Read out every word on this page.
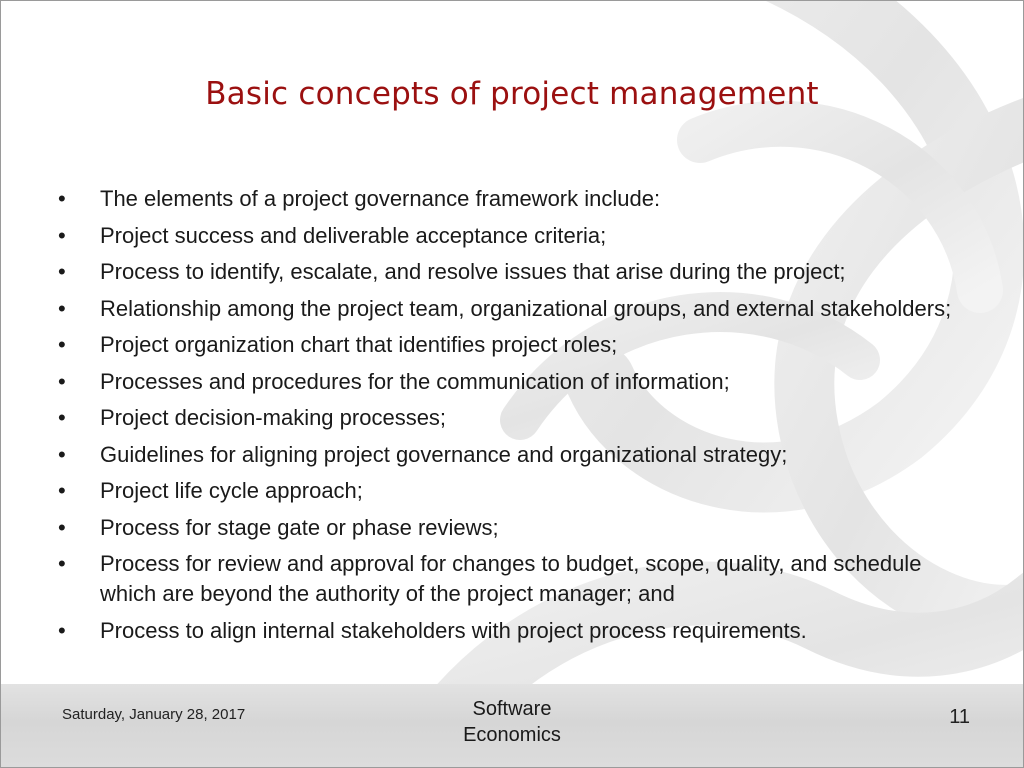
Basic concepts of project management
•	The elements of a project governance framework include:
•	Project success and deliverable acceptance criteria;
•	Process to identify, escalate, and resolve issues that arise during the project;
•	Relationship among the project team, organizational groups, and external stakeholders;
•	Project organization chart that identifies project roles;
•	Processes and procedures for the communication of information;
•	Project decision-making processes;
•	Guidelines for aligning project governance and organizational strategy;
•	Project life cycle approach;
•	Process for stage gate or phase reviews;
•	Process for review and approval for changes to budget, scope, quality, and schedule which are beyond the authority of the project manager; and
•	Process to align internal stakeholders with project process requirements.
Saturday, January 28, 2017	Software
Economics
11
